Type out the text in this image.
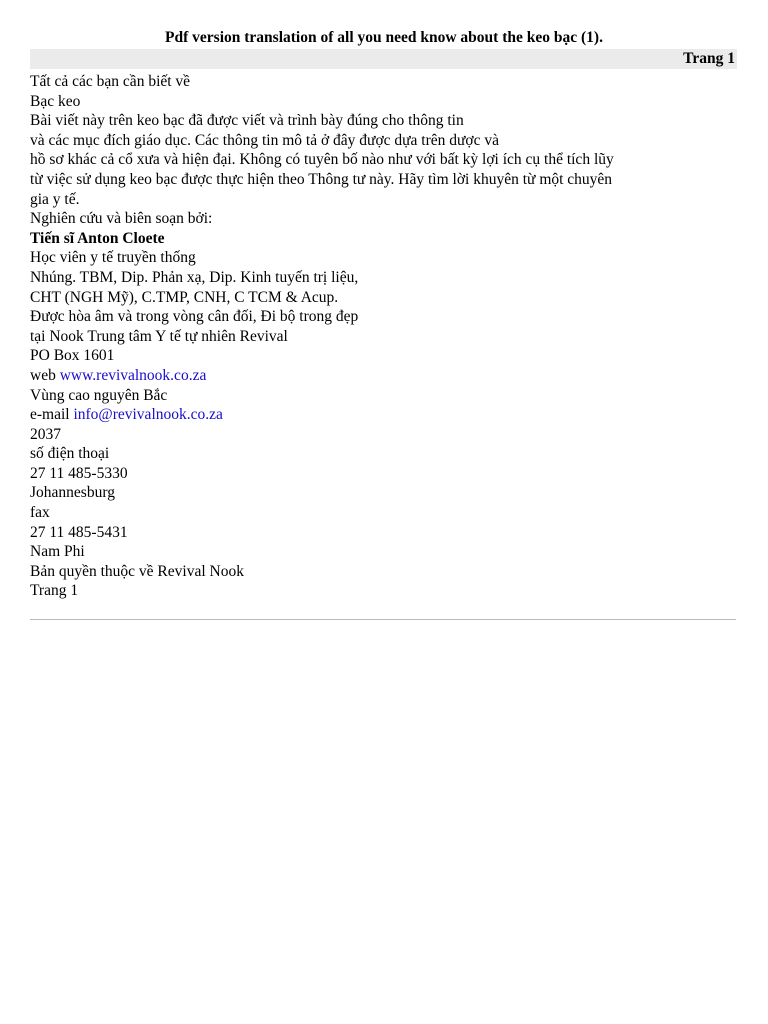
Pdf version translation of all you need know about the keo bạc (1).
Trang 1
Tất cả các bạn cần biết về
Bạc keo
Bài viết này trên keo bạc đã được viết và trình bày đúng cho thông tin
và các mục đích giáo dục. Các thông tin mô tả ở đây được dựa trên dược và
hồ sơ khác cả cổ xưa và hiện đại. Không có tuyên bố nào như với bất kỳ lợi ích cụ thể tích lũy
từ việc sử dụng keo bạc được thực hiện theo Thông tư này. Hãy tìm lời khuyên từ một chuyên
gia y tế.
Nghiên cứu và biên soạn bởi:
Tiến sĩ Anton Cloete
Học viên y tế truyền thống
Nhúng. TBM, Dip. Phản xạ, Dip. Kinh tuyến trị liệu,
CHT (NGH Mỹ), C.TMP, CNH, C TCM & Acup.
Được hòa âm và trong vòng cân đối, Đi bộ trong đẹp
tại Nook Trung tâm Y tế tự nhiên Revival
PO Box 1601
web www.revivalnook.co.za
Vùng cao nguyên Bắc
e-mail info@revivalnook.co.za
2037
số điện thoại
27 11 485-5330
Johannesburg
fax
27 11 485-5431
Nam Phi
Bản quyền thuộc về Revival Nook
Trang 1
